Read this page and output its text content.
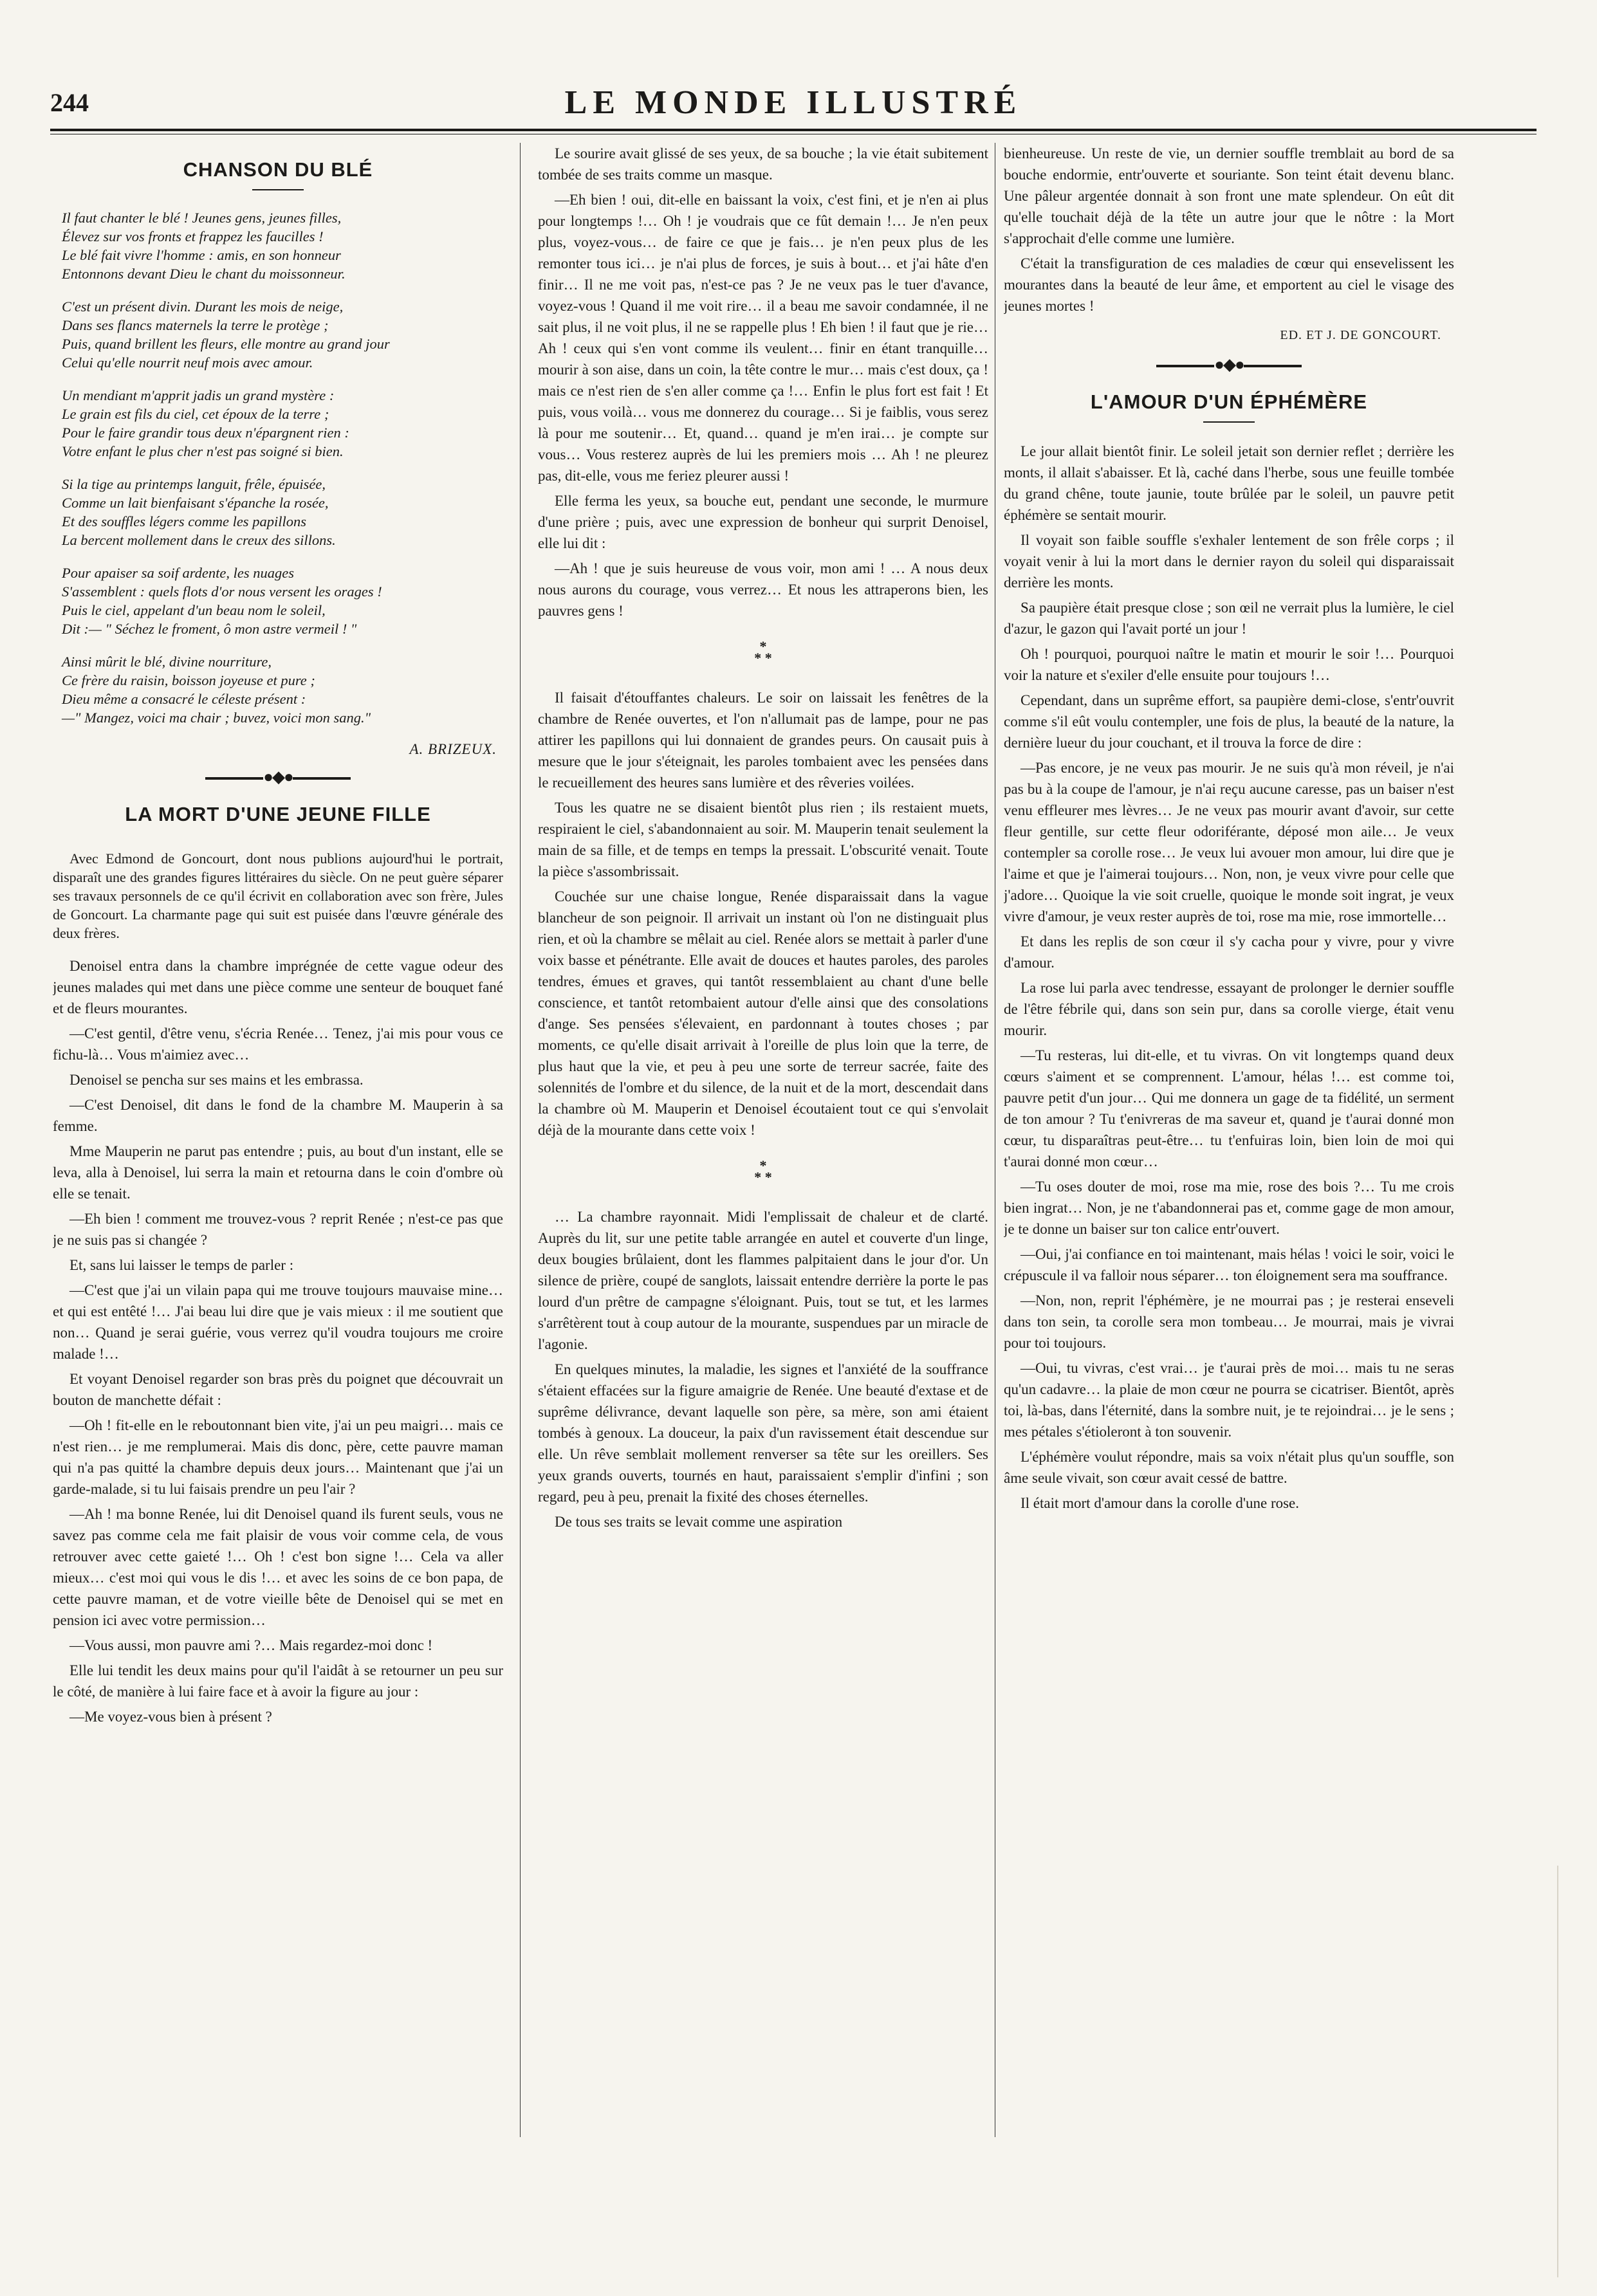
244	LE MONDE ILLUSTRÉ
CHANSON DU BLÉ
Il faut chanter le blé ! Jeunes gens, jeunes filles,
Élevez sur vos fronts et frappez les faucilles !
Le blé fait vivre l'homme : amis, en son honneur
Entonnons devant Dieu le chant du moissonneur.
C'est un présent divin. Durant les mois de neige,
Dans ses flancs maternels la terre le protège ;
Puis, quand brillent les fleurs, elle montre au grand jour
Celui qu'elle nourrit neuf mois avec amour.
Un mendiant m'apprit jadis un grand mystère :
Le grain est fils du ciel, cet époux de la terre ;
Pour le faire grandir tous deux n'épargnent rien :
Votre enfant le plus cher n'est pas soigné si bien.
Si la tige au printemps languit, frêle, épuisée,
Comme un lait bienfaisant s'épanche la rosée,
Et des souffles légers comme les papillons
La bercent mollement dans le creux des sillons.
Pour apaiser sa soif ardente, les nuages
S'assemblent : quels flots d'or nous versent les orages !
Puis le ciel, appelant d'un beau nom le soleil,
Dit :— " Séchez le froment, ô mon astre vermeil ! "
Ainsi mûrit le blé, divine nourriture,
Ce frère du raisin, boisson joyeuse et pure ;
Dieu même a consacré le céleste présent :
—" Mangez, voici ma chair ; buvez, voici mon sang."
A. BRIZEUX.
●◆●
LA MORT D'UNE JEUNE FILLE

Avec Edmond de Goncourt, dont nous publions aujourd'hui le portrait, disparaît une des grandes figures littéraires du siècle. On ne peut guère séparer ses travaux personnels de ce qu'il écrivit en collaboration avec son frère, Jules de Goncourt. La charmante page qui suit est puisée dans l'œuvre générale des deux frères.

Denoisel entra dans la chambre imprégnée de cette vague odeur des jeunes malades qui met dans une pièce comme une senteur de bouquet fané et de fleurs mourantes.

—C'est gentil, d'être venu, s'écria Renée… Tenez, j'ai mis pour vous ce fichu-là… Vous m'aimiez avec…

Denoisel se pencha sur ses mains et les embrassa.

—C'est Denoisel, dit dans le fond de la chambre M. Mauperin à sa femme.

Mme Mauperin ne parut pas entendre ; puis, au bout d'un instant, elle se leva, alla à Denoisel, lui serra la main et retourna dans le coin d'ombre où elle se tenait.

—Eh bien ! comment me trouvez-vous ? reprit Renée ; n'est-ce pas que je ne suis pas si changée ?

Et, sans lui laisser le temps de parler :

—C'est que j'ai un vilain papa qui me trouve toujours mauvaise mine… et qui est entêté !… J'ai beau lui dire que je vais mieux : il me soutient que non… Quand je serai guérie, vous verrez qu'il voudra toujours me croire malade !…

Et voyant Denoisel regarder son bras près du poignet que découvrait un bouton de manchette défait :

—Oh ! fit-elle en le reboutonnant bien vite, j'ai un peu maigri… mais ce n'est rien… je me remplumerai. Mais dis donc, père, cette pauvre maman qui n'a pas quitté la chambre depuis deux jours… Maintenant que j'ai un garde-malade, si tu lui faisais prendre un peu l'air ?

—Ah ! ma bonne Renée, lui dit Denoisel quand ils furent seuls, vous ne savez pas comme cela me fait plaisir de vous voir comme cela, de vous retrouver avec cette gaieté !… Oh ! c'est bon signe !… Cela va aller mieux… c'est moi qui vous le dis !… et avec les soins de ce bon papa, de cette pauvre maman, et de votre vieille bête de Denoisel qui se met en pension ici avec votre permission…

—Vous aussi, mon pauvre ami ?… Mais regardez-moi donc !

Elle lui tendit les deux mains pour qu'il l'aidât à se retourner un peu sur le côté, de manière à lui faire face et à avoir la figure au jour :

—Me voyez-vous bien à présent ?

Le sourire avait glissé de ses yeux, de sa bouche ; la vie était subitement tombée de ses traits comme un masque.

—Eh bien ! oui, dit-elle en baissant la voix, c'est fini, et je n'en ai plus pour longtemps !… Oh ! je voudrais que ce fût demain !… Je n'en peux plus, voyez-vous… de faire ce que je fais… je n'en peux plus de les remonter tous ici… je n'ai plus de forces, je suis à bout… et j'ai hâte d'en finir… Il ne me voit pas, n'est-ce pas ? Je ne veux pas le tuer d'avance, voyez-vous ! Quand il me voit rire… il a beau me savoir condamnée, il ne sait plus, il ne voit plus, il ne se rappelle plus ! Eh bien ! il faut que je rie… Ah ! ceux qui s'en vont comme ils veulent… finir en étant tranquille… mourir à son aise, dans un coin, la tête contre le mur… mais c'est doux, ça ! mais ce n'est rien de s'en aller comme ça !… Enfin le plus fort est fait ! Et puis, vous voilà… vous me donnerez du courage… Si je faiblis, vous serez là pour me soutenir… Et, quand… quand je m'en irai… je compte sur vous… Vous resterez auprès de lui les premiers mois … Ah ! ne pleurez pas, dit-elle, vous me feriez pleurer aussi !

Elle ferma les yeux, sa bouche eut, pendant une seconde, le murmure d'une prière ; puis, avec une expression de bonheur qui surprit Denoisel, elle lui dit :

—Ah ! que je suis heureuse de vous voir, mon ami ! … A nous deux nous aurons du courage, vous verrez… Et nous les attraperons bien, les pauvres gens !

*
* *

Il faisait d'étouffantes chaleurs. Le soir on laissait les fenêtres de la chambre de Renée ouvertes, et l'on n'allumait pas de lampe, pour ne pas attirer les papillons qui lui donnaient de grandes peurs. On causait puis à mesure que le jour s'éteignait, les paroles tombaient avec les pensées dans le recueillement des heures sans lumière et des rêveries voilées.

Tous les quatre ne se disaient bientôt plus rien ; ils restaient muets, respiraient le ciel, s'abandonnaient au soir. M. Mauperin tenait seulement la main de sa fille, et de temps en temps la pressait. L'obscurité venait. Toute la pièce s'assombrissait.

Couchée sur une chaise longue, Renée disparaissait dans la vague blancheur de son peignoir. Il arrivait un instant où l'on ne distinguait plus rien, et où la chambre se mêlait au ciel. Renée alors se mettait à parler d'une voix basse et pénétrante. Elle avait de douces et hautes paroles, des paroles tendres, émues et graves, qui tantôt ressemblaient au chant d'une belle conscience, et tantôt retombaient autour d'elle ainsi que des consolations d'ange. Ses pensées s'élevaient, en pardonnant à toutes choses ; par moments, ce qu'elle disait arrivait à l'oreille de plus loin que la terre, de plus haut que la vie, et peu à peu une sorte de terreur sacrée, faite des solennités de l'ombre et du silence, de la nuit et de la mort, descendait dans la chambre où M. Mauperin et Denoisel écoutaient tout ce qui s'envolait déjà de la mourante dans cette voix !

*
* *

… La chambre rayonnait. Midi l'emplissait de chaleur et de clarté. Auprès du lit, sur une petite table arrangée en autel et couverte d'un linge, deux bougies brûlaient, dont les flammes palpitaient dans le jour d'or. Un silence de prière, coupé de sanglots, laissait entendre derrière la porte le pas lourd d'un prêtre de campagne s'éloignant. Puis, tout se tut, et les larmes s'arrêtèrent tout à coup autour de la mourante, suspendues par un miracle de l'agonie.

En quelques minutes, la maladie, les signes et l'anxiété de la souffrance s'étaient effacées sur la figure amaigrie de Renée. Une beauté d'extase et de suprême délivrance, devant laquelle son père, sa mère, son ami étaient tombés à genoux. La douceur, la paix d'un ravissement était descendue sur elle. Un rêve semblait mollement renverser sa tête sur les oreillers. Ses yeux grands ouverts, tournés en haut, paraissaient s'emplir d'infini ; son regard, peu à peu, prenait la fixité des choses éternelles.

De tous ses traits se levait comme une aspiration

bienheureuse. Un reste de vie, un dernier souffle tremblait au bord de sa bouche endormie, entr'ouverte et souriante. Son teint était devenu blanc. Une pâleur argentée donnait à son front une mate splendeur. On eût dit qu'elle touchait déjà de la tête un autre jour que le nôtre : la Mort s'approchait d'elle comme une lumière.

C'était la transfiguration de ces maladies de cœur qui ensevelissent les mourantes dans la beauté de leur âme, et emportent au ciel le visage des jeunes mortes !

ED. ET J. DE GONCOURT.
●◆●
L'AMOUR D'UN ÉPHÉMÈRE

Le jour allait bientôt finir. Le soleil jetait son dernier reflet ; derrière les monts, il allait s'abaisser. Et là, caché dans l'herbe, sous une feuille tombée du grand chêne, toute jaunie, toute brûlée par le soleil, un pauvre petit éphémère se sentait mourir.

Il voyait son faible souffle s'exhaler lentement de son frêle corps ; il voyait venir à lui la mort dans le dernier rayon du soleil qui disparaissait derrière les monts.

Sa paupière était presque close ; son œil ne verrait plus la lumière, le ciel d'azur, le gazon qui l'avait porté un jour !

Oh ! pourquoi, pourquoi naître le matin et mourir le soir !… Pourquoi voir la nature et s'exiler d'elle ensuite pour toujours !…

Cependant, dans un suprême effort, sa paupière demi-close, s'entr'ouvrit comme s'il eût voulu contempler, une fois de plus, la beauté de la nature, la dernière lueur du jour couchant, et il trouva la force de dire :

—Pas encore, je ne veux pas mourir. Je ne suis qu'à mon réveil, je n'ai pas bu à la coupe de l'amour, je n'ai reçu aucune caresse, pas un baiser n'est venu effleurer mes lèvres… Je ne veux pas mourir avant d'avoir, sur cette fleur gentille, sur cette fleur odoriférante, déposé mon aile… Je veux contempler sa corolle rose… Je veux lui avouer mon amour, lui dire que je l'aime et que je l'aimerai toujours… Non, non, je veux vivre pour celle que j'adore… Quoique la vie soit cruelle, quoique le monde soit ingrat, je veux vivre d'amour, je veux rester auprès de toi, rose ma mie, rose immortelle…

Et dans les replis de son cœur il s'y cacha pour y vivre, pour y vivre d'amour.

La rose lui parla avec tendresse, essayant de prolonger le dernier souffle de l'être fébrile qui, dans son sein pur, dans sa corolle vierge, était venu mourir.

—Tu resteras, lui dit-elle, et tu vivras. On vit longtemps quand deux cœurs s'aiment et se comprennent. L'amour, hélas !… est comme toi, pauvre petit d'un jour… Qui me donnera un gage de ta fidélité, un serment de ton amour ? Tu t'enivreras de ma saveur et, quand je t'aurai donné mon cœur, tu disparaîtras peut-être… tu t'enfuiras loin, bien loin de moi qui t'aurai donné mon cœur…

—Tu oses douter de moi, rose ma mie, rose des bois ?… Tu me crois bien ingrat… Non, je ne t'abandonnerai pas et, comme gage de mon amour, je te donne un baiser sur ton calice entr'ouvert.

—Oui, j'ai confiance en toi maintenant, mais hélas ! voici le soir, voici le crépuscule il va falloir nous séparer… ton éloignement sera ma souffrance.

—Non, non, reprit l'éphémère, je ne mourrai pas ; je resterai enseveli dans ton sein, ta corolle sera mon tombeau… Je mourrai, mais je vivrai pour toi toujours.

—Oui, tu vivras, c'est vrai… je t'aurai près de moi… mais tu ne seras qu'un cadavre… la plaie de mon cœur ne pourra se cicatriser. Bientôt, après toi, là-bas, dans l'éternité, dans la sombre nuit, je te rejoindrai… je le sens ; mes pétales s'étioleront à ton souvenir.

L'éphémère voulut répondre, mais sa voix n'était plus qu'un souffle, son âme seule vivait, son cœur avait cessé de battre.

Il était mort d'amour dans la corolle d'une rose.
